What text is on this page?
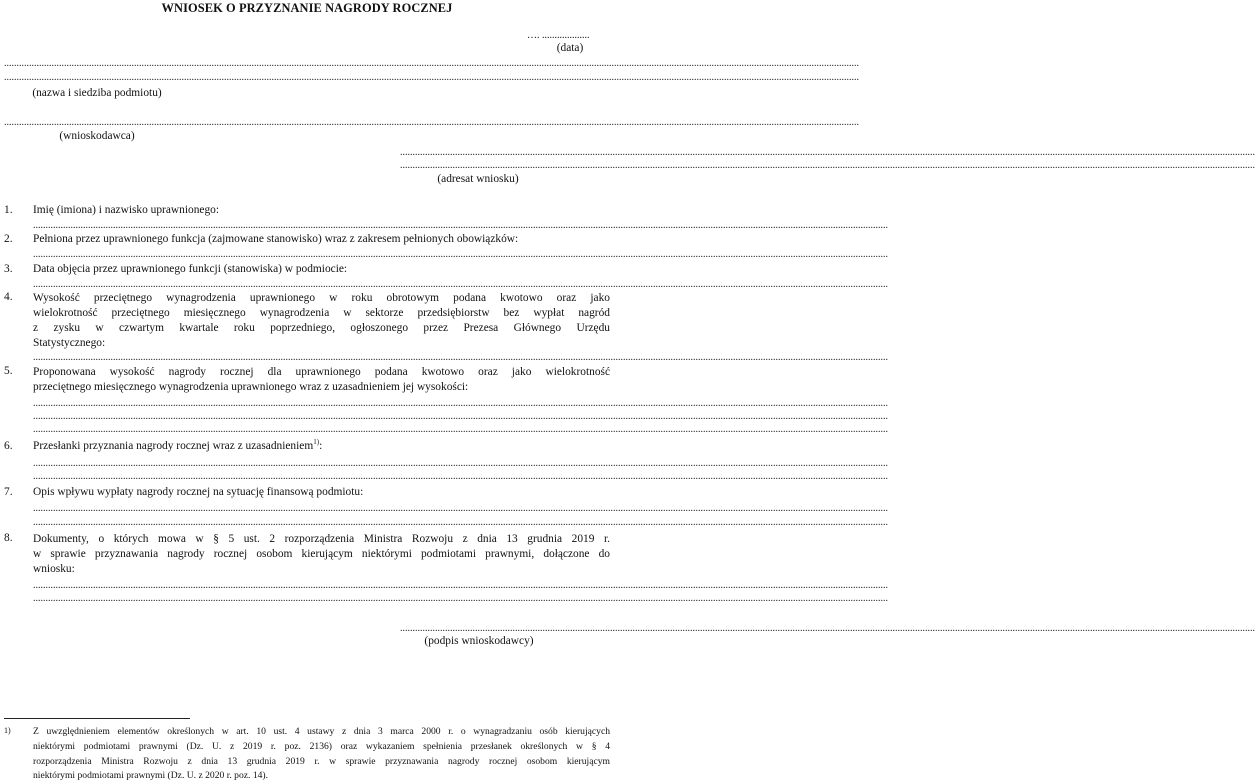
WNIOSEK O PRZYZNANIE NAGRODY ROCZNEJ
…. ...................
(data)
......................................................................................................................................................................................................................................................................................................................................................
......................................................................................................................................................................................................................................................................................................................................................
(nazwa i siedziba podmiotu)
......................................................................................................................................................................................................................................................................................................................................................
(wnioskodawca)
......................................................................................................................................................................................................................................................................................................................................................
......................................................................................................................................................................................................................................................................................................................................................
(adresat wniosku)
1. Imię (imiona) i nazwisko uprawnionego:
......................................................................................................................................................................................................................................................................................................................................................
2. Pełniona przez uprawnionego funkcja (zajmowane stanowisko) wraz z zakresem pełnionych obowiązków:
......................................................................................................................................................................................................................................................................................................................................................
3. Data objęcia przez uprawnionego funkcji (stanowiska) w podmiocie:
......................................................................................................................................................................................................................................................................................................................................................
4. Wysokość przeciętnego wynagrodzenia uprawnionego w roku obrotowym podana kwotowo oraz jako
wielokrotność przeciętnego miesięcznego wynagrodzenia w sektorze przedsiębiorstw bez wypłat nagród
z zysku w czwartym kwartale roku poprzedniego, ogłoszonego przez Prezesa Głównego Urzędu
Statystycznego:
......................................................................................................................................................................................................................................................................................................................................................
5. Proponowana wysokość nagrody rocznej dla uprawnionego podana kwotowo oraz jako wielokrotność
przeciętnego miesięcznego wynagrodzenia uprawnionego wraz z uzasadnieniem jej wysokości:
......................................................................................................................................................................................................................................................................................................................................................
......................................................................................................................................................................................................................................................................................................................................................
......................................................................................................................................................................................................................................................................................................................................................
6. Przesłanki przyznania nagrody rocznej wraz z uzasadnieniem$^{1)}$:
......................................................................................................................................................................................................................................................................................................................................................
......................................................................................................................................................................................................................................................................................................................................................
7. Opis wpływu wypłaty nagrody rocznej na sytuację finansową podmiotu:
......................................................................................................................................................................................................................................................................................................................................................
......................................................................................................................................................................................................................................................................................................................................................
8. Dokumenty, o których mowa w § 5 ust. 2 rozporządzenia Ministra Rozwoju z dnia 13 grudnia 2019 r.
w sprawie przyznawania nagrody rocznej osobom kierującym niektórymi podmiotami prawnymi, dołączone do
wniosku:
......................................................................................................................................................................................................................................................................................................................................................
......................................................................................................................................................................................................................................................................................................................................................
......................................................................................................................................................................................................................................................................................................................................................
(podpis wnioskodawcy)
1) Z uwzględnieniem elementów określonych w art. 10 ust. 4 ustawy z dnia 3 marca 2000 r. o wynagradzaniu osób kierujących
niektórymi podmiotami prawnymi (Dz. U. z 2019 r. poz. 2136) oraz wykazaniem spełnienia przesłanek określonych w § 4
rozporządzenia Ministra Rozwoju z dnia 13 grudnia 2019 r. w sprawie przyznawania nagrody rocznej osobom kierującym
niektórymi podmiotami prawnymi (Dz. U. z 2020 r. poz. 14).
